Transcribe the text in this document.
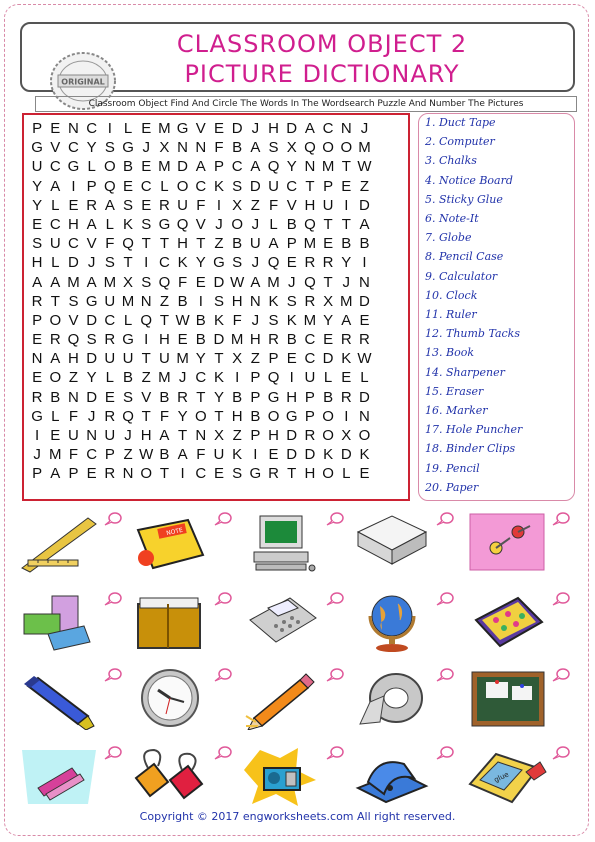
ORIGINAL
CLASSROOM OBJECT 2
PICTURE DICTIONARY
Classroom Object Find And Circle The Words In The Wordsearch Puzzle And Number The Pictures
P E N C I L E M G V E D J H D A C N J
G V C Y S G J X N N F B A S X Q O O M
U C G L O B E M D A P C A Q Y N M T W
Y A I P Q E C L O C K S D U C T P E Z
Y L E R A S E R U F I X Z F V H U I D
E C H A L K S G Q V J O J L B Q T T A
S U C V F Q T T H T Z B U A P M E B B
H L D J S T I C K Y G S J Q E R R Y I
A A M A M X S Q F E D W A M J Q T J N
R T S G U M N Z B I S H N K S R X M D
P O V D C L Q T W B K F J S K M Y A E
E R Q S R G I H E B D M H R B C E R R
N A H D U U T U M Y T X Z P E C D K W
E O Z Y L B Z M J C K I P Q I U L E L
R B N D E S V B R T Y B P G H P B R D
G L F J R Q T F Y O T H B O G P O I N
I E U N U J H A T N X Z P H D R O X O
J M F C P Z W B A F U K I E D D K D K
P A P E R N O T I C E S G R T H O L E
1. Duct Tape
2. Computer
3. Chalks
4. Notice Board
5. Sticky Glue
6. Note-It
7. Globe
8. Pencil Case
9. Calculator
10. Clock
11. Ruler
12. Thumb Tacks
13. Book
14. Sharpener
15. Eraser
16. Marker
17. Hole Puncher
18. Binder Clips
19. Pencil
20. Paper
NOTE
glue
Copyright © 2017 engworksheets.com All right reserved.
